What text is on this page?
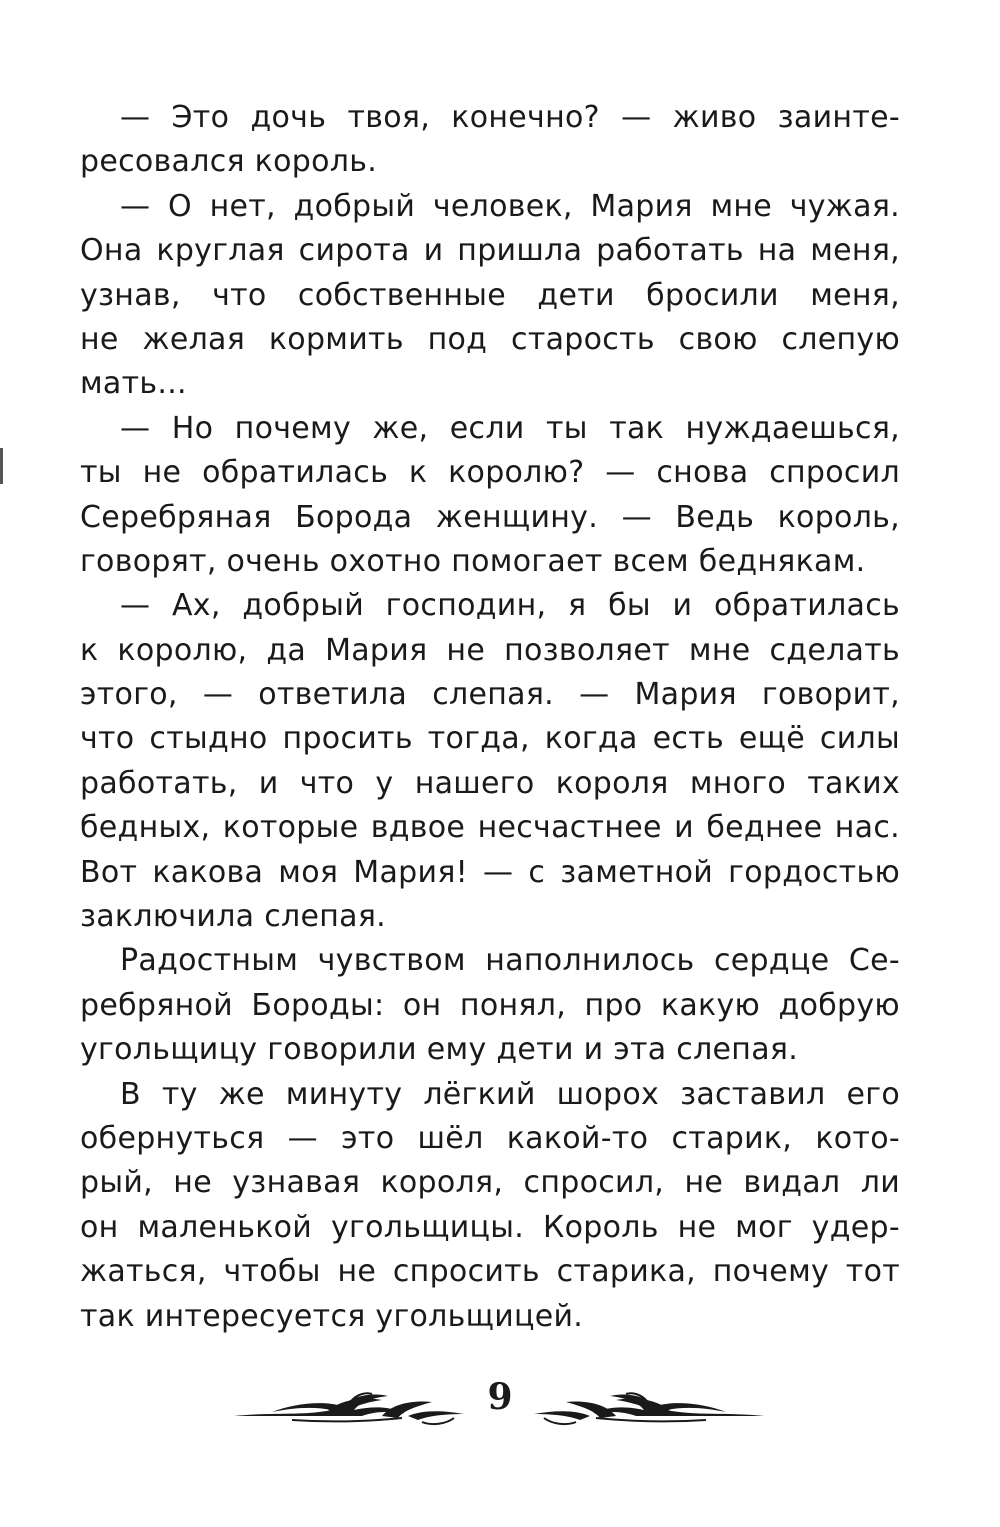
— Это дочь твоя, конечно? — живо заинте-
ресовался король.
— О нет, добрый человек, Мария мне чужая.
Она круглая сирота и пришла работать на меня,
узнав, что собственные дети бросили меня,
не желая кормить под старость свою слепую
мать...
— Но почему же, если ты так нуждаешься,
ты не обратилась к королю? — снова спросил
Серебряная Борода женщину. — Ведь король,
говорят, очень охотно помогает всем беднякам.
— Ах, добрый господин, я бы и обратилась
к королю, да Мария не позволяет мне сделать
этого, — ответила слепая. — Мария говорит,
что стыдно просить тогда, когда есть ещё силы
работать, и что у нашего короля много таких
бедных, которые вдвое несчастнее и беднее нас.
Вот какова моя Мария! — с заметной гордостью
заключила слепая.
Радостным чувством наполнилось сердце Се-
ребряной Бороды: он понял, про какую добрую
угольщицу говорили ему дети и эта слепая.
В ту же минуту лёгкий шорох заставил его
обернуться — это шёл какой-то старик, кото-
рый, не узнавая короля, спросил, не видал ли
он маленькой угольщицы. Король не мог удер-
жаться, чтобы не спросить старика, почему тот
так интересуется угольщицей.
9
